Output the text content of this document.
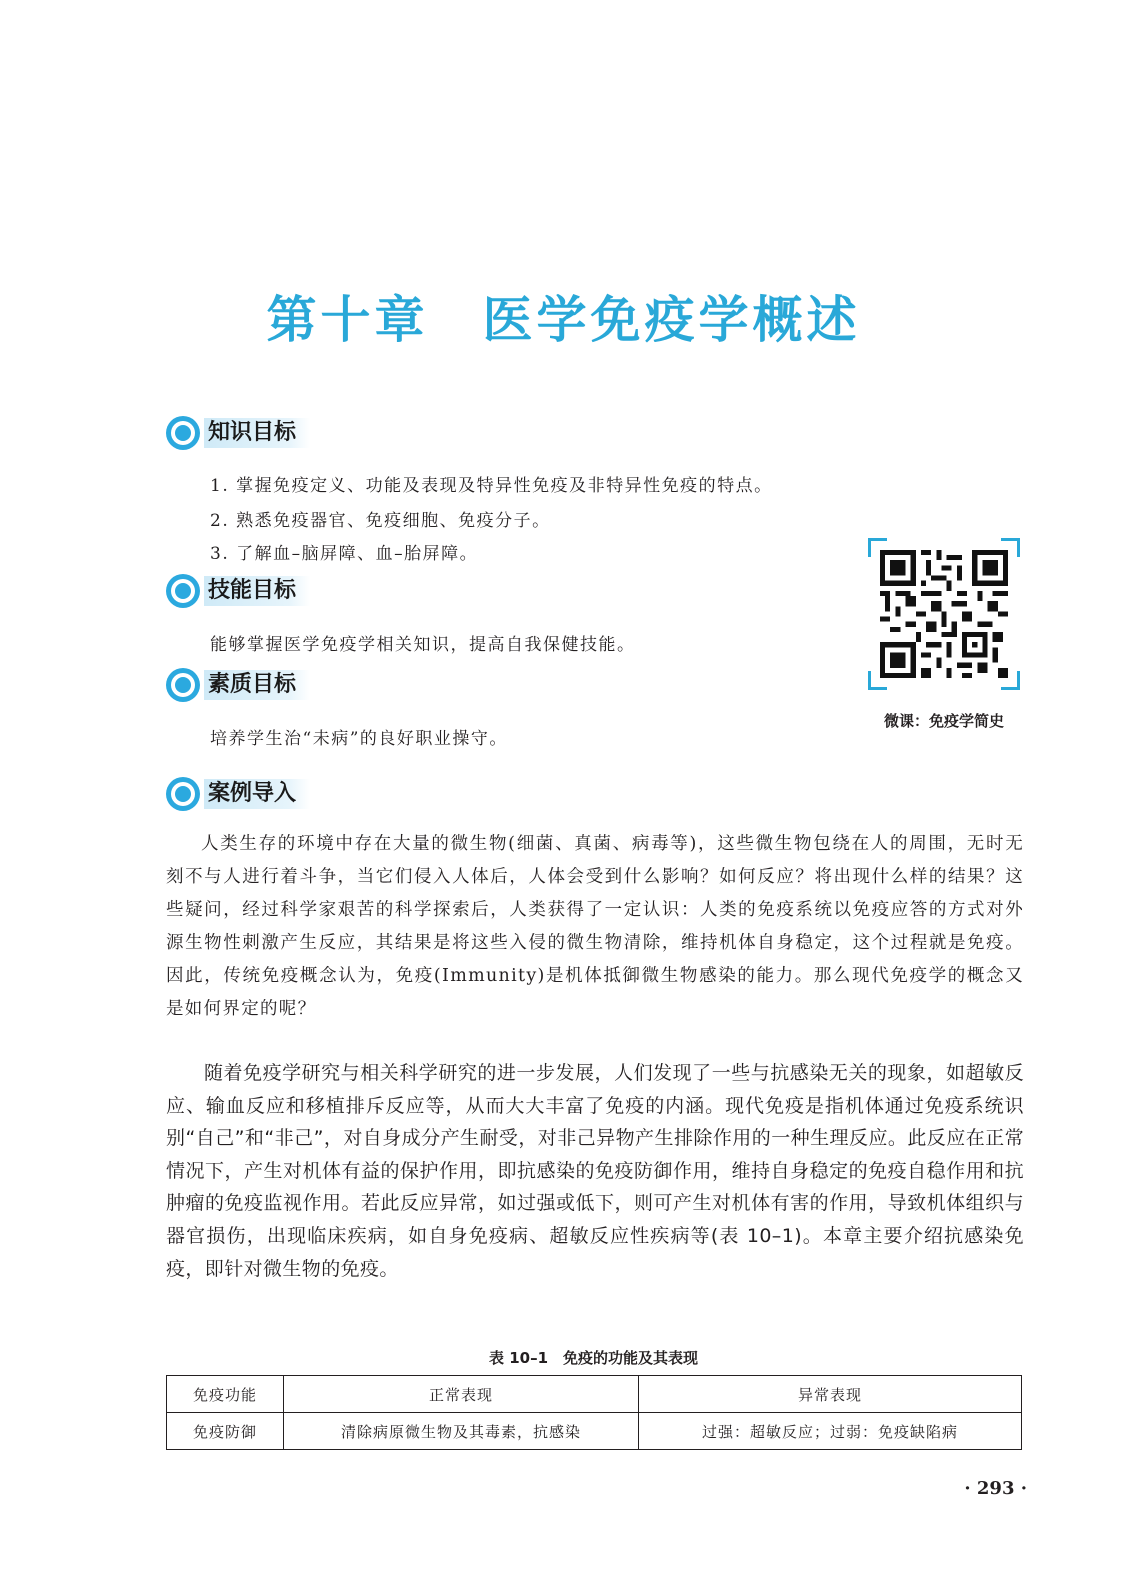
第十章　医学免疫学概述
知识目标
1. 掌握免疫定义、功能及表现及特异性免疫及非特异性免疫的特点。
2. 熟悉免疫器官、免疫细胞、免疫分子。
3. 了解血–脑屏障、血–胎屏障。
技能目标
能够掌握医学免疫学相关知识，提高自我保健技能。
素质目标
培养学生治“未病”的良好职业操守。
微课：免疫学简史
案例导入

人类生存的环境中存在大量的微生物(细菌、真菌、病毒等)，这些微生物包绕在人的周围，无时无刻不与人进行着斗争，当它们侵入人体后，人体会受到什么影响？如何反应？将出现什么样的结果？这些疑问，经过科学家艰苦的科学探索后，人类获得了一定认识：人类的免疫系统以免疫应答的方式对外源生物性刺激产生反应，其结果是将这些入侵的微生物清除，维持机体自身稳定，这个过程就是免疫。因此，传统免疫概念认为，免疫(Immunity)是机体抵御微生物感染的能力。那么现代免疫学的概念又是如何界定的呢？

随着免疫学研究与相关科学研究的进一步发展，人们发现了一些与抗感染无关的现象，如超敏反应、输血反应和移植排斥反应等，从而大大丰富了免疫的内涵。现代免疫是指机体通过免疫系统识别“自己”和“非己”，对自身成分产生耐受，对非己异物产生排除作用的一种生理反应。此反应在正常情况下，产生对机体有益的保护作用，即抗感染的免疫防御作用，维持自身稳定的免疫自稳作用和抗肿瘤的免疫监视作用。若此反应异常，如过强或低下，则可产生对机体有害的作用，导致机体组织与器官损伤，出现临床疾病，如自身免疫病、超敏反应性疾病等(表 10–1)。本章主要介绍抗感染免疫，即针对微生物的免疫。

表 10–1　免疫的功能及其表现
免疫功能	正常表现	异常表现
免疫防御	清除病原微生物及其毒素，抗感染	过强：超敏反应；过弱：免疫缺陷病
· 293 ·
